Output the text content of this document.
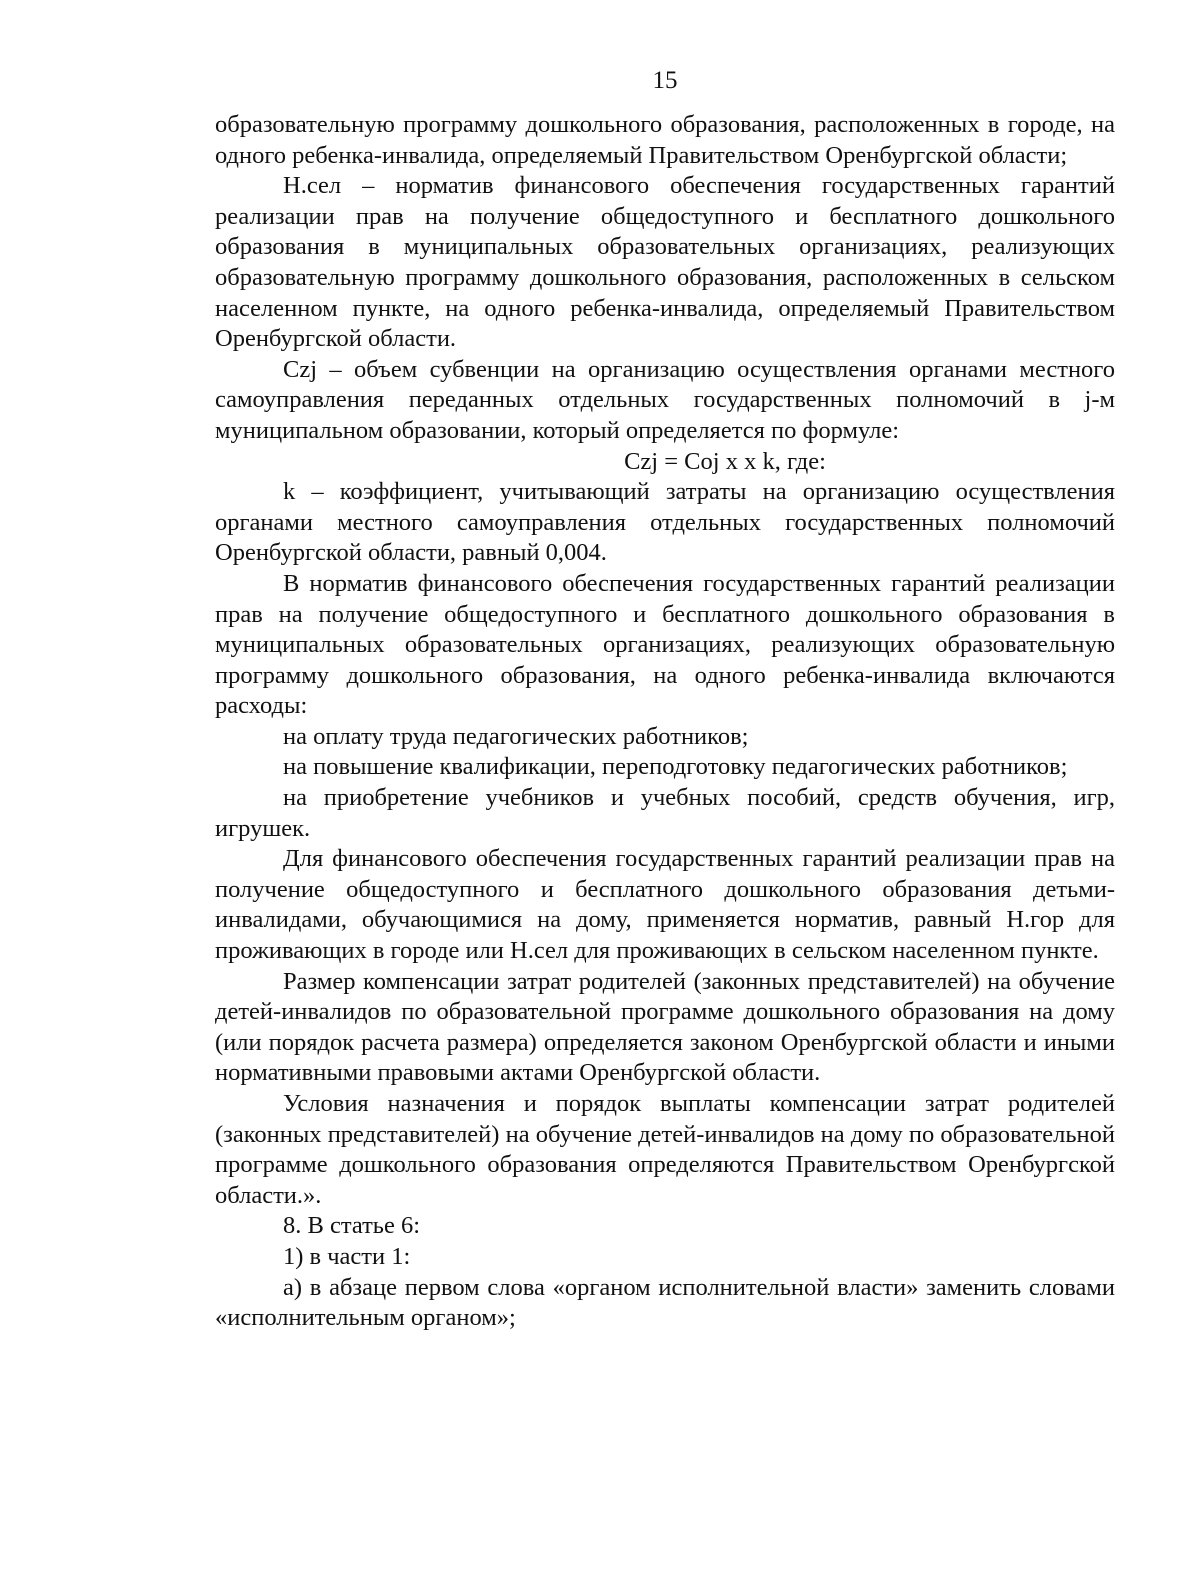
15

образовательную программу дошкольного образования, расположенных в городе, на одного ребенка-инвалида, определяемый Правительством Оренбургской области;

Н.сел – норматив финансового обеспечения государственных гарантий реализации прав на получение общедоступного и бесплатного дошкольного образования в муниципальных образовательных организациях, реализующих образовательную программу дошкольного образования, расположенных в сельском населенном пункте, на одного ребенка-инвалида, определяемый Правительством Оренбургской области.

Czj – объем субвенции на организацию осуществления органами местного самоуправления переданных отдельных государственных полномочий в j-м муниципальном образовании, который определяется по формуле:

Czj = Coj x x k, где:

k – коэффициент, учитывающий затраты на организацию осуществления органами местного самоуправления отдельных государственных полномочий Оренбургской области, равный 0,004.

В норматив финансового обеспечения государственных гарантий реализации прав на получение общедоступного и бесплатного дошкольного образования в муниципальных образовательных организациях, реализующих образовательную программу дошкольного образования, на одного ребенка-инвалида включаются расходы:

на оплату труда педагогических работников;

на повышение квалификации, переподготовку педагогических работников;

на приобретение учебников и учебных пособий, средств обучения, игр, игрушек.

Для финансового обеспечения государственных гарантий реализации прав на получение общедоступного и бесплатного дошкольного образования детьми-инвалидами, обучающимися на дому, применяется норматив, равный Н.гор для проживающих в городе или Н.сел для проживающих в сельском населенном пункте.

Размер компенсации затрат родителей (законных представителей) на обучение детей-инвалидов по образовательной программе дошкольного образования на дому (или порядок расчета размера) определяется законом Оренбургской области и иными нормативными правовыми актами Оренбургской области.

Условия назначения и порядок выплаты компенсации затрат родителей (законных представителей) на обучение детей-инвалидов на дому по образовательной программе дошкольного образования определяются Правительством Оренбургской области.».

8. В статье 6:

1) в части 1:

а) в абзаце первом слова «органом исполнительной власти» заменить словами «исполнительным органом»;
